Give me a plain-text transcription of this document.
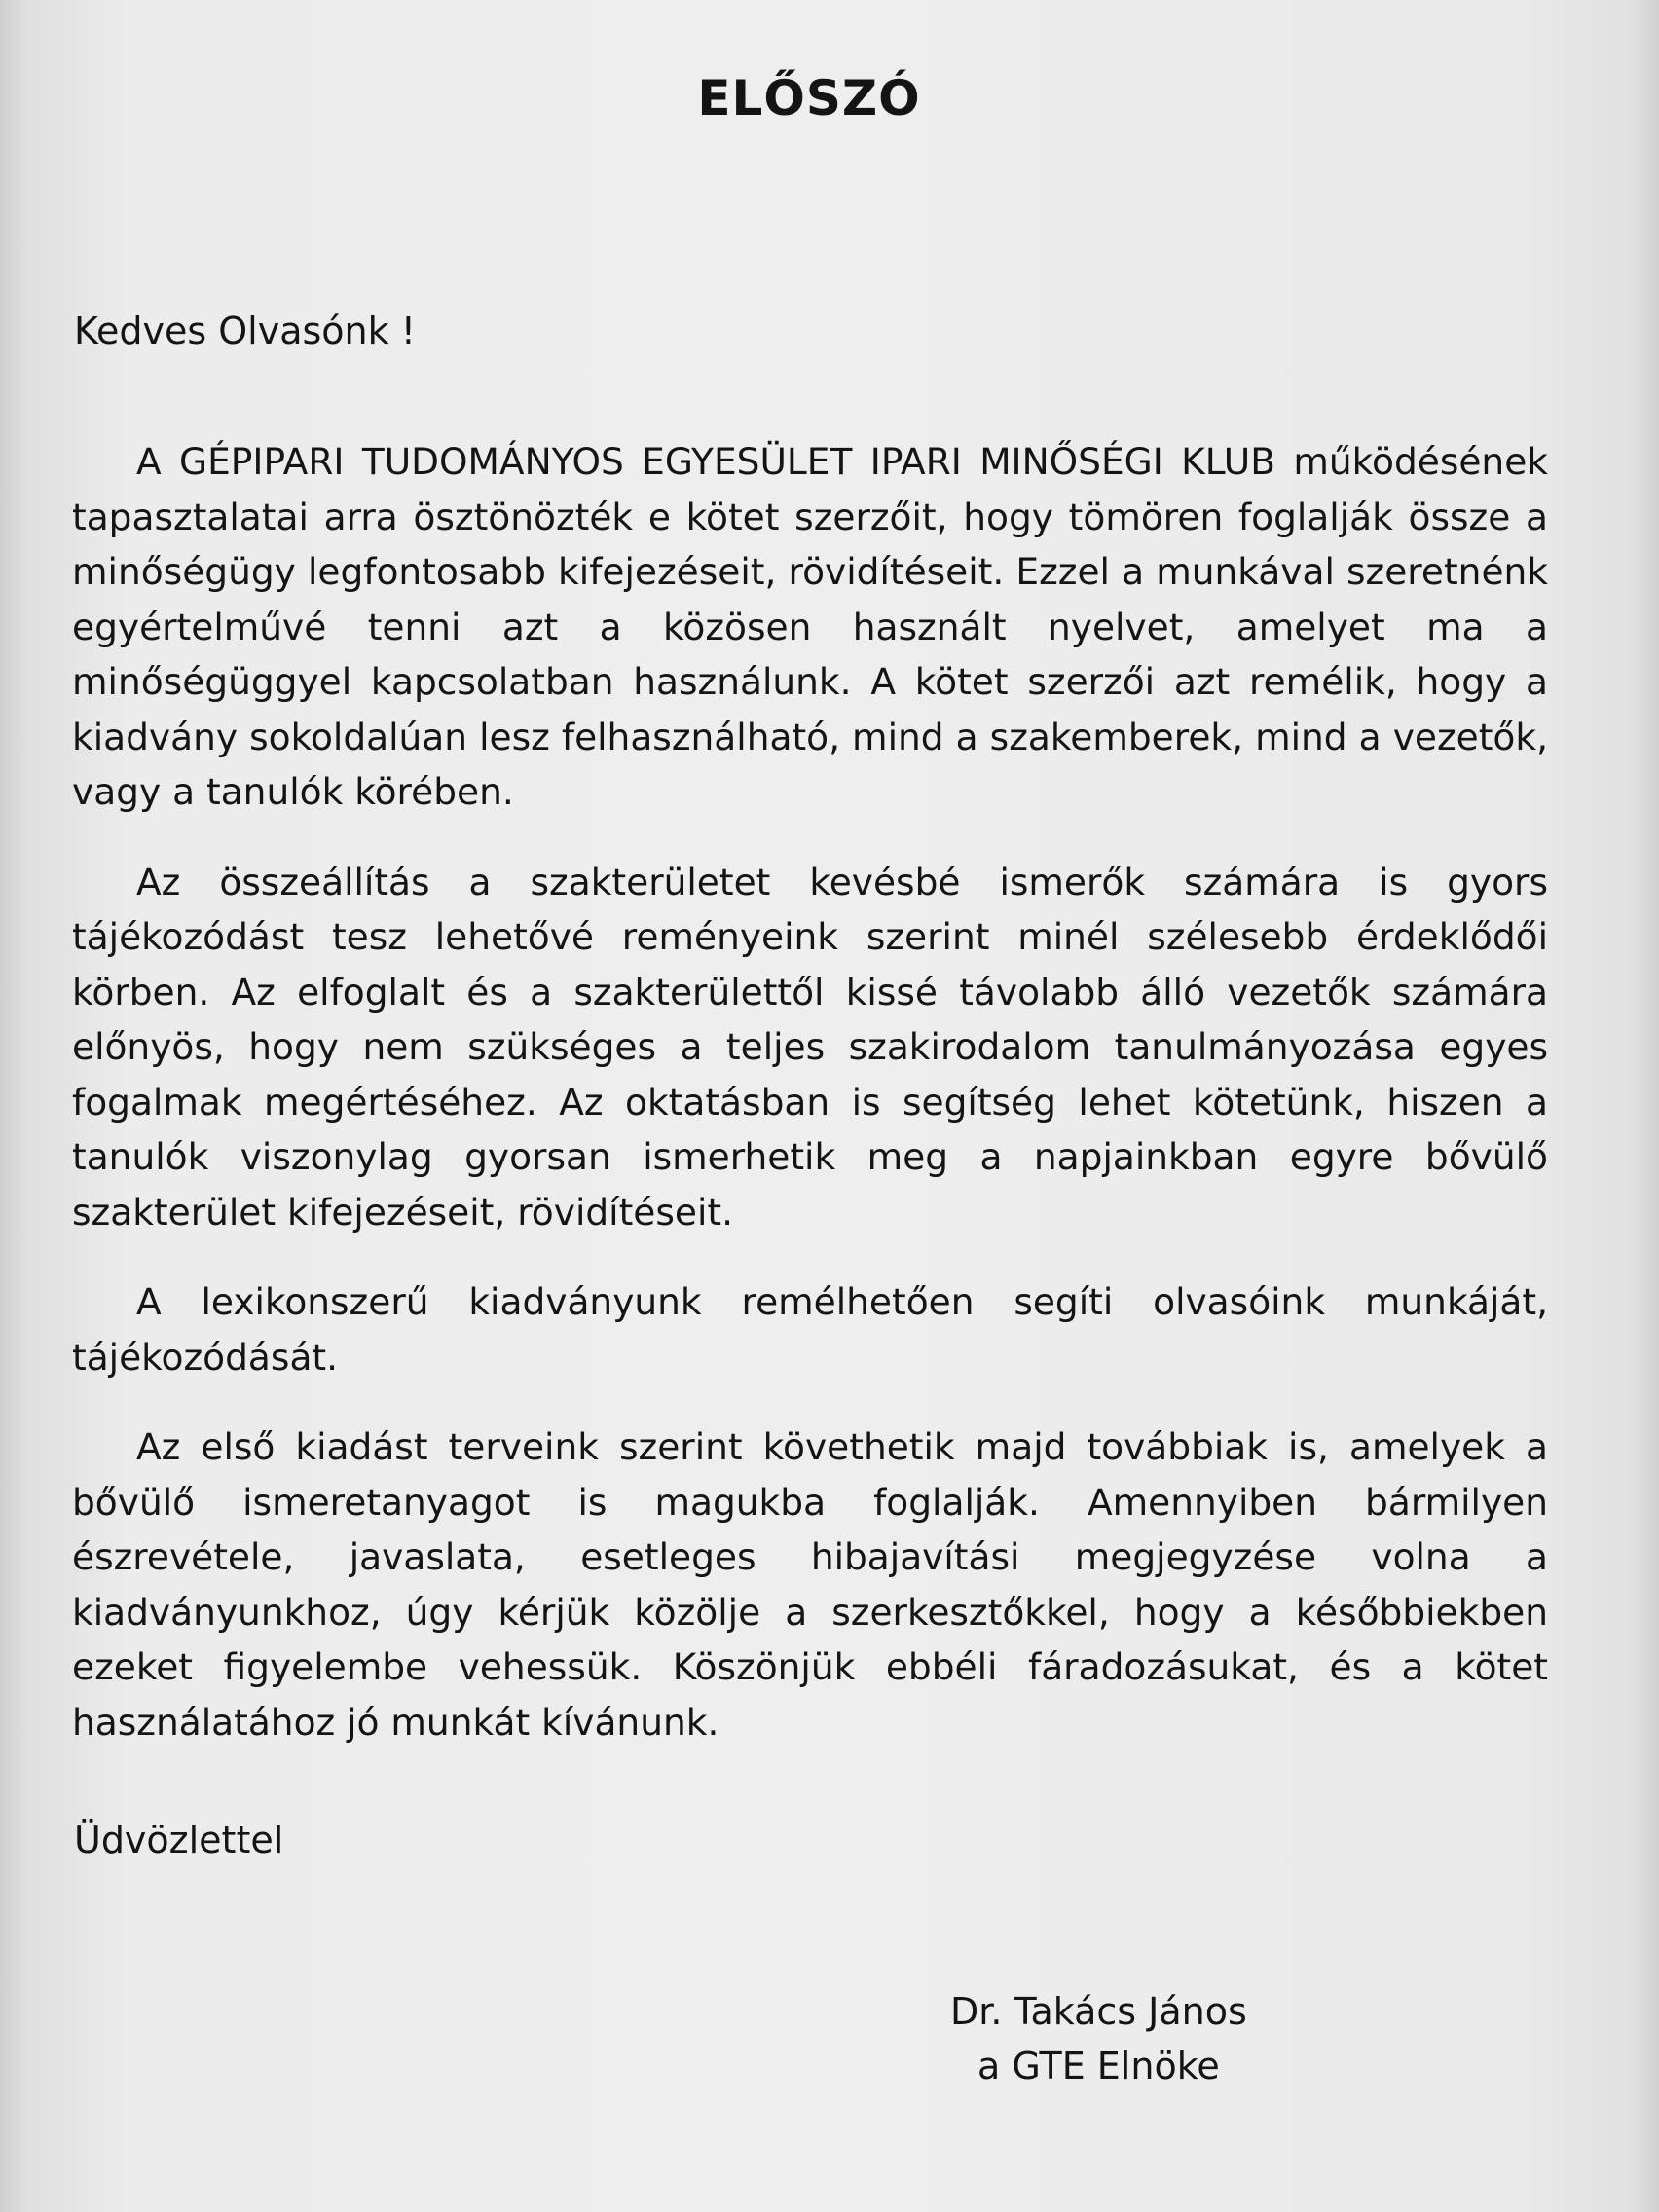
ELŐSZÓ

Kedves Olvasónk !

A GÉPIPARI TUDOMÁNYOS EGYESÜLET IPARI MINŐSÉGI KLUB működésének tapasztalatai arra ösztönözték e kötet szerzőit, hogy tömören foglalják össze a minőségügy legfontosabb kifejezéseit, rövidítéseit. Ezzel a munkával szeretnénk egyértelművé tenni azt a közösen használt nyelvet, amelyet ma a minőségüggyel kapcsolatban használunk. A kötet szerzői azt remélik, hogy a kiadvány sokoldalúan lesz felhasználható, mind a szakemberek, mind a vezetők, vagy a tanulók körében.

Az összeállítás a szakterületet kevésbé ismerők számára is gyors tájékozódást tesz lehetővé reményeink szerint minél szélesebb érdeklődői körben. Az elfoglalt és a szakterülettől kissé távolabb álló vezetők számára előnyös, hogy nem szükséges a teljes szakirodalom tanulmányozása egyes fogalmak megértéséhez. Az oktatásban is segítség lehet kötetünk, hiszen a tanulók viszonylag gyorsan ismerhetik meg a napjainkban egyre bővülő szakterület kifejezéseit, rövidítéseit.

A lexikonszerű kiadványunk remélhetően segíti olvasóink munkáját, tájékozódását.

Az első kiadást terveink szerint követhetik majd továbbiak is, amelyek a bővülő ismeretanyagot is magukba foglalják. Amennyiben bármilyen észrevétele, javaslata, esetleges hibajavítási megjegyzése volna a kiadványunkhoz, úgy kérjük közölje a szerkesztőkkel, hogy a későbbiekben ezeket figyelembe vehessük. Köszönjük ebbéli fáradozásukat, és a kötet használatához jó munkát kívánunk.

Üdvözlettel

Dr. Takács János
a GTE Elnöke
